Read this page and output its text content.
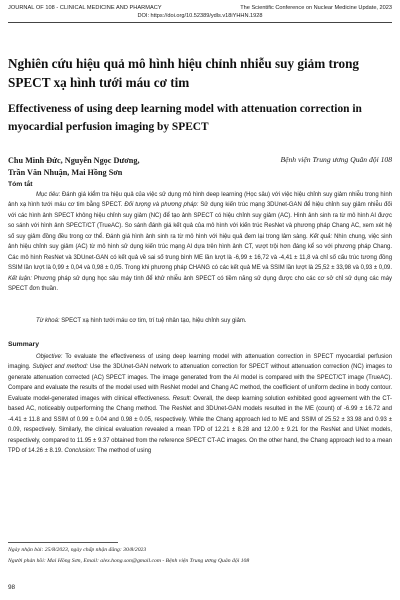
JOURNAL OF 108 - CLINICAL MEDICINE AND PHARMACY	The Scientific Conference on Nuclear Medicine Update, 2023
DOI: https://doi.org/10.52389/ydls.v18iYHHN.1928
Nghiên cứu hiệu quả mô hình hiệu chỉnh nhiễu suy giảm trong SPECT xạ hình tưới máu cơ tim
Effectiveness of using deep learning model with attenuation correction in myocardial perfusion imaging by SPECT
Chu Minh Đức, Nguyễn Ngọc Dương,
Trần Văn Nhuận, Mai Hồng Sơn
Bệnh viện Trung ương Quân đội 108
Tóm tắt

Mục tiêu: Đánh giá kiểm tra hiệu quả của việc sử dụng mô hình deep learning (Học sâu) với việc hiệu chỉnh suy giảm nhiễu trong hình ảnh xạ hình tưới máu cơ tim bằng SPECT. Đối tượng và phương pháp: Sử dụng kiến trúc mạng 3DUnet-GAN để hiệu chỉnh suy giảm nhiễu đối với các hình ảnh SPECT không hiệu chỉnh suy giảm (NC) để tạo ảnh SPECT có hiệu chỉnh suy giảm (AC). Hình ảnh sinh ra từ mô hình AI được so sánh với hình ảnh SPECT/CT (TrueAC). So sánh đánh giá kết quả của mô hình với kiến trúc ResNet và phương pháp Chang AC, xem xét hệ số suy giảm đồng đều trong cơ thể. Đánh giá hình ảnh sinh ra từ mô hình với hiệu quả đem lại trong lâm sàng. Kết quả: Nhìn chung, việc sinh ảnh hiệu chỉnh suy giảm (AC) từ mô hình sử dụng kiến trúc mạng AI dựa trên hình ảnh CT, vượt trội hơn đáng kể so với phương pháp Chang. Các mô hình ResNet và 3DUnet-GAN có kết quả về sai số trung bình ME lần lượt là -6,99 ± 16,72 và -4,41 ± 11,8 và chỉ số cấu trúc tương đồng SSIM lần lượt là 0,99 ± 0,04 và 0,98 ± 0,05. Trong khi phương pháp CHANG có các kết quả ME và SSIM lần lượt là 25,52 ± 33,98 và 0,93 ± 0,09. Kết luận: Phương pháp sử dụng học sâu máy tính để khử nhiễu ảnh SPECT có tiềm năng sử dụng được cho các cơ sở chỉ sử dụng các máy SPECT đơn thuần.

Từ khoá: SPECT xạ hình tưới máu cơ tim, trí tuệ nhân tạo, hiệu chỉnh suy giảm.

Summary

Objective: To evaluate the effectiveness of using deep learning model with attenuation correction in SPECT myocardial perfusion imaging. Subject and method: Use the 3DUnet-GAN network to attenuation correction for SPECT without attenuation correction (NC) images to generate attenuation corrected (AC) SPECT images. The image generated from the AI model is compared with the SPECT/CT image (TrueAC). Compare and evaluate the results of the model used with ResNet model and Chang AC method, the coefficient of uniform decline in body contour. Evaluate model-generated images with clinical effectiveness. Result: Overall, the deep learning solution exhibited good agreement with the CT-based AC, noticeably outperforming the Chang method. The ResNet and 3DUnet-GAN models resulted in the ME (count) of -6.99 ± 16.72 and -4.41 ± 11.8 and SSIM of 0.99 ± 0.04 and 0.98 ± 0.05, respectively. While the Chang approach led to ME and SSIM of 25.52 ± 33.98 and 0.93 ± 0.09, respectively. Similarly, the clinical evaluation revealed a mean TPD of 12.21 ± 8.28 and 12.00 ± 9.21 for the ResNet and UNet models, respectively, compared to 11.95 ± 9.37 obtained from the reference SPECT CT-AC images. On the other hand, the Chang approach led to a mean TPD of 14.26 ± 8.19. Conclusion: The method of using

Ngày nhận bài: 25/8/2023, ngày chấp nhận đăng: 30/8/2023
Người phản hồi: Mai Hồng Sơn, Email: alex.hong.son@gmail.com - Bệnh viện Trung ương Quân đội 108
98
